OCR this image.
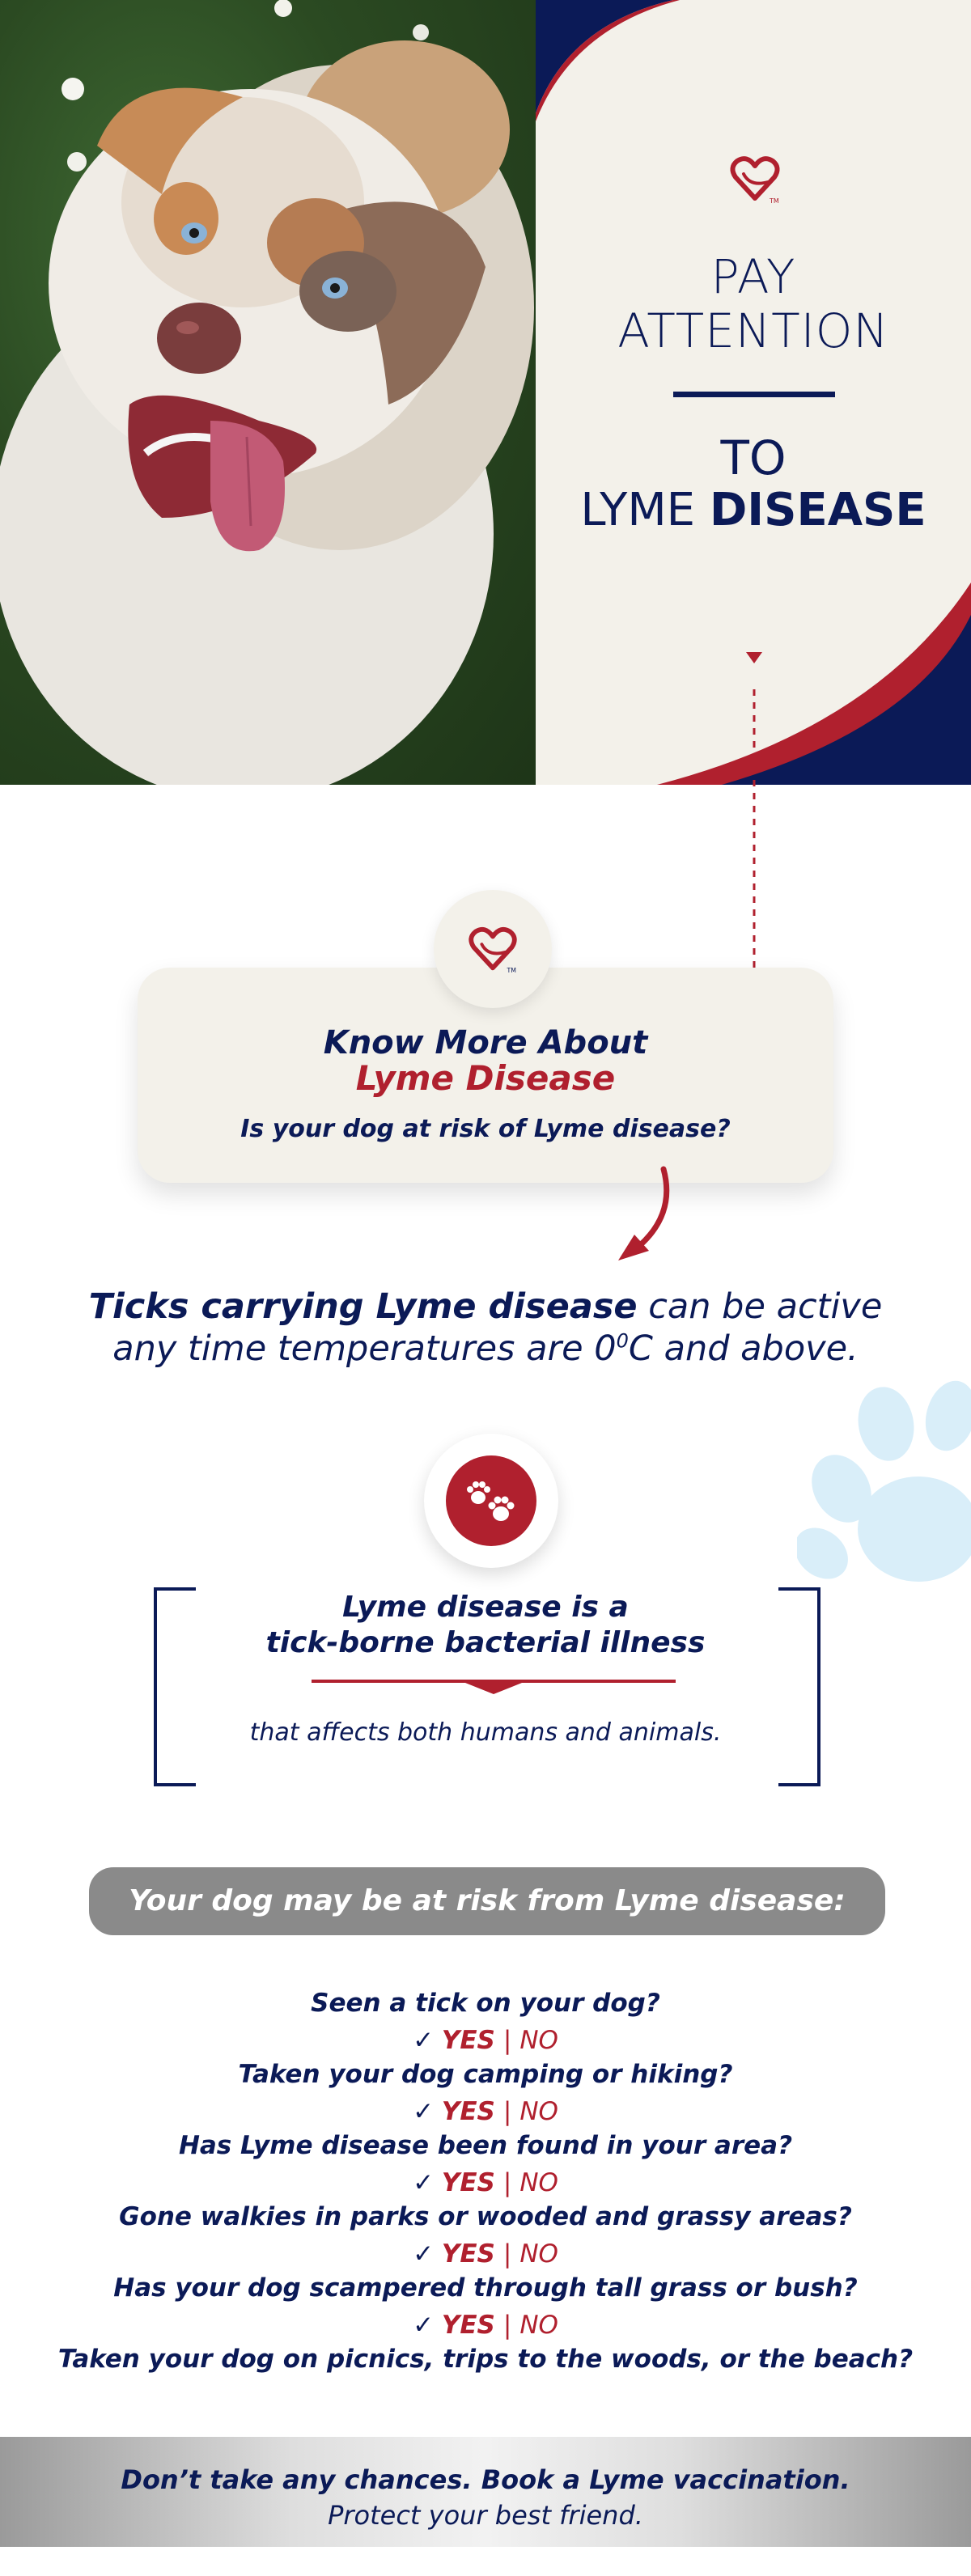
TM
PAY
ATTENTION
TO
LYME DISEASE
TM
Know More About
Lyme Disease
Is your dog at risk of Lyme disease?
Ticks carrying Lyme disease can be active
any time temperatures are $0^0C$ and above.
Lyme disease is a
tick-borne bacterial illness
that affects both humans and animals.
Your dog may be at risk from Lyme disease:
Seen a tick on your dog?
✓ YES | NO
Taken your dog camping or hiking?
✓ YES | NO
Has Lyme disease been found in your area?
✓ YES | NO
Gone walkies in parks or wooded and grassy areas?
✓ YES | NO
Has your dog scampered through tall grass or bush?
✓ YES | NO
Taken your dog on picnics, trips to the woods, or the beach?
Don’t take any chances. Book a Lyme vaccination.
Protect your best friend.
